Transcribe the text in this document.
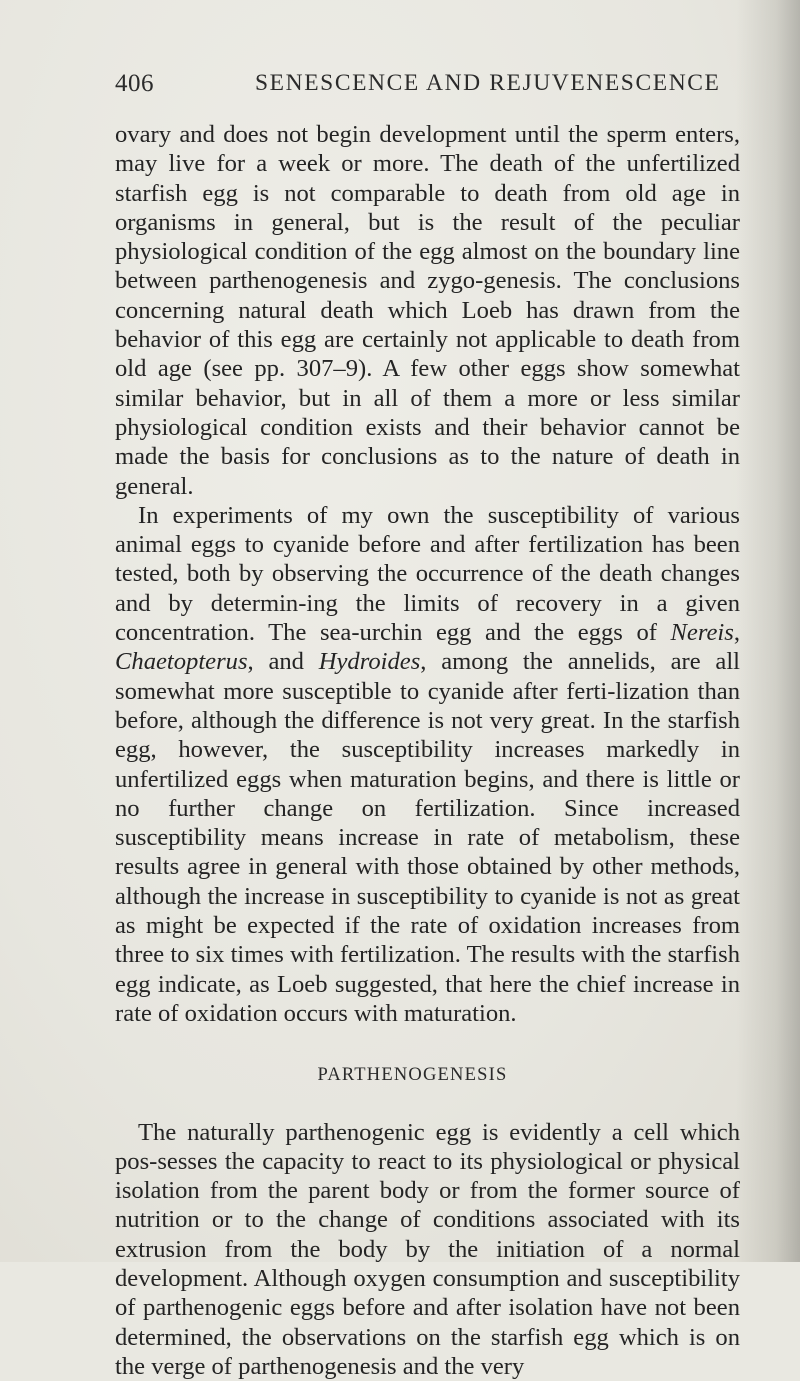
406	SENESCENCE AND REJUVENESCENCE

ovary and does not begin development until the sperm enters, may live for a week or more. The death of the unfertilized starfish egg is not comparable to death from old age in organisms in general, but is the result of the peculiar physiological condition of the egg almost on the boundary line between parthenogenesis and zygo-genesis. The conclusions concerning natural death which Loeb has drawn from the behavior of this egg are certainly not applicable to death from old age (see pp. 307–9). A few other eggs show somewhat similar behavior, but in all of them a more or less similar physiological condition exists and their behavior cannot be made the basis for conclusions as to the nature of death in general.

In experiments of my own the susceptibility of various animal eggs to cyanide before and after fertilization has been tested, both by observing the occurrence of the death changes and by determin-ing the limits of recovery in a given concentration. The sea-urchin egg and the eggs of Nereis, Chaetopterus, and Hydroides, among the annelids, are all somewhat more susceptible to cyanide after ferti-lization than before, although the difference is not very great. In the starfish egg, however, the susceptibility increases markedly in unfertilized eggs when maturation begins, and there is little or no further change on fertilization. Since increased susceptibility means increase in rate of metabolism, these results agree in general with those obtained by other methods, although the increase in susceptibility to cyanide is not as great as might be expected if the rate of oxidation increases from three to six times with fertilization. The results with the starfish egg indicate, as Loeb suggested, that here the chief increase in rate of oxidation occurs with maturation.

PARTHENOGENESIS

The naturally parthenogenic egg is evidently a cell which pos-sesses the capacity to react to its physiological or physical isolation from the parent body or from the former source of nutrition or to the change of conditions associated with its extrusion from the body by the initiation of a normal development. Although oxygen consumption and susceptibility of parthenogenic eggs before and after isolation have not been determined, the observations on the starfish egg which is on the verge of parthenogenesis and the very
